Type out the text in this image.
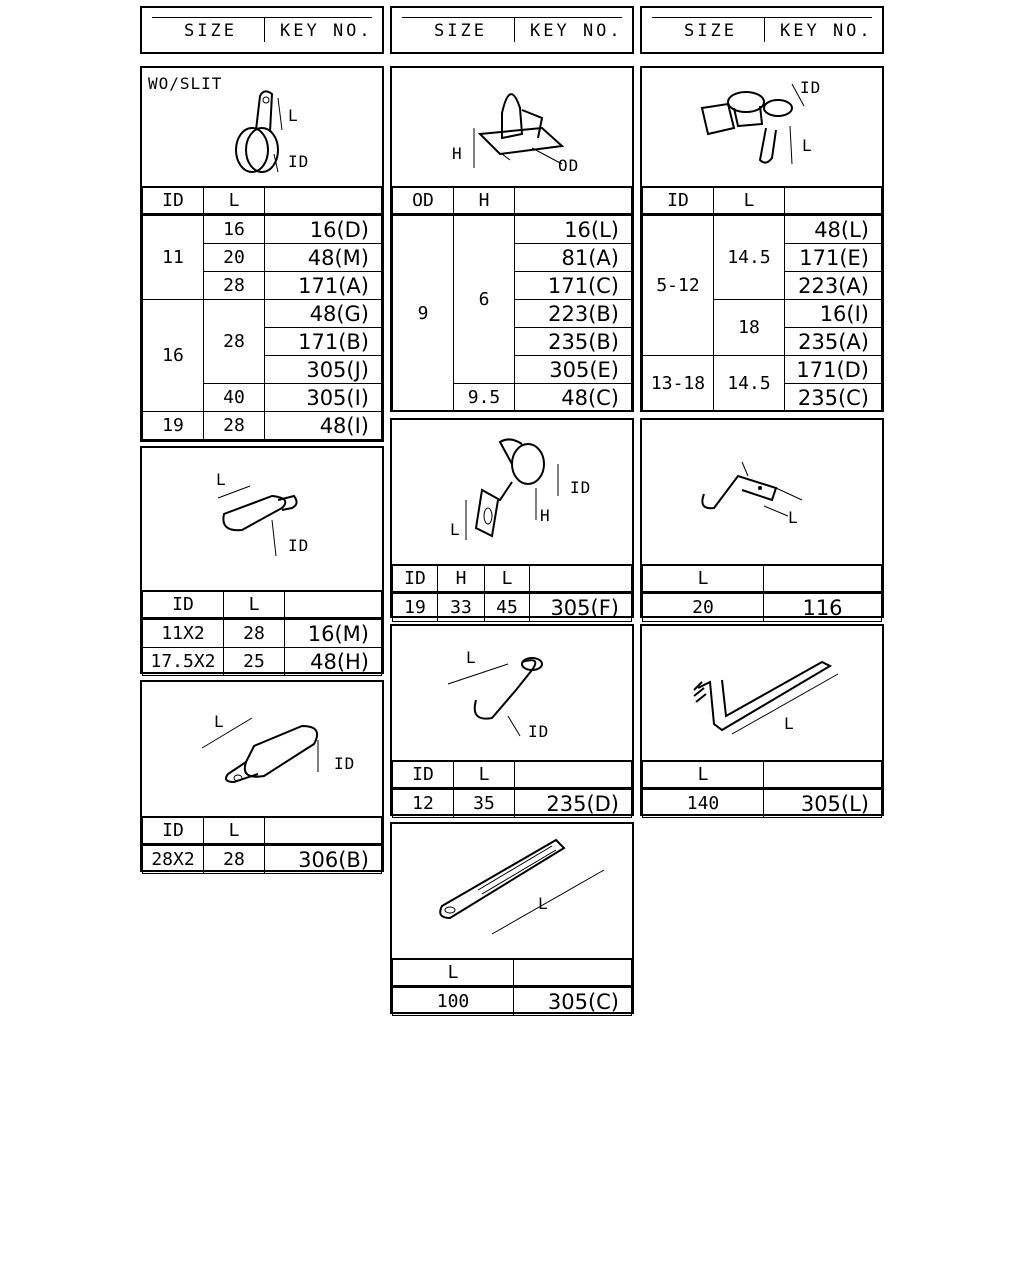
SIZE	KEY NO.	SIZE	KEY NO.	SIZE	KEY NO.
WO/SLIT
L
ID
ID	L	
11	16	16(D)
	20	48(M)
	28	171(A)
16	28	48(G)
		171(B)
		305(J)
	40	305(I)
19	28	48(I)
H
OD
OD	H	
9	6	16(L)
		81(A)
		171(C)
		223(B)
		235(B)
		305(E)
	9.5	48(C)
ID
L
ID	L	
5-12	14.5	48(L)
		171(E)
		223(A)
	18	16(I)
		235(A)
13-18	14.5	171(D)
		235(C)
L
ID
ID	L	
11X2	28	16(M)
17.5X2	25	48(H)
ID
H
L
ID	H	L	
19	33	45	305(F)
L
L	
20	116
L
ID
ID	L	
28X2	28	306(B)
L
ID
ID	L	
12	35	235(D)
L
L	
140	305(L)
L
L	
100	305(C)
